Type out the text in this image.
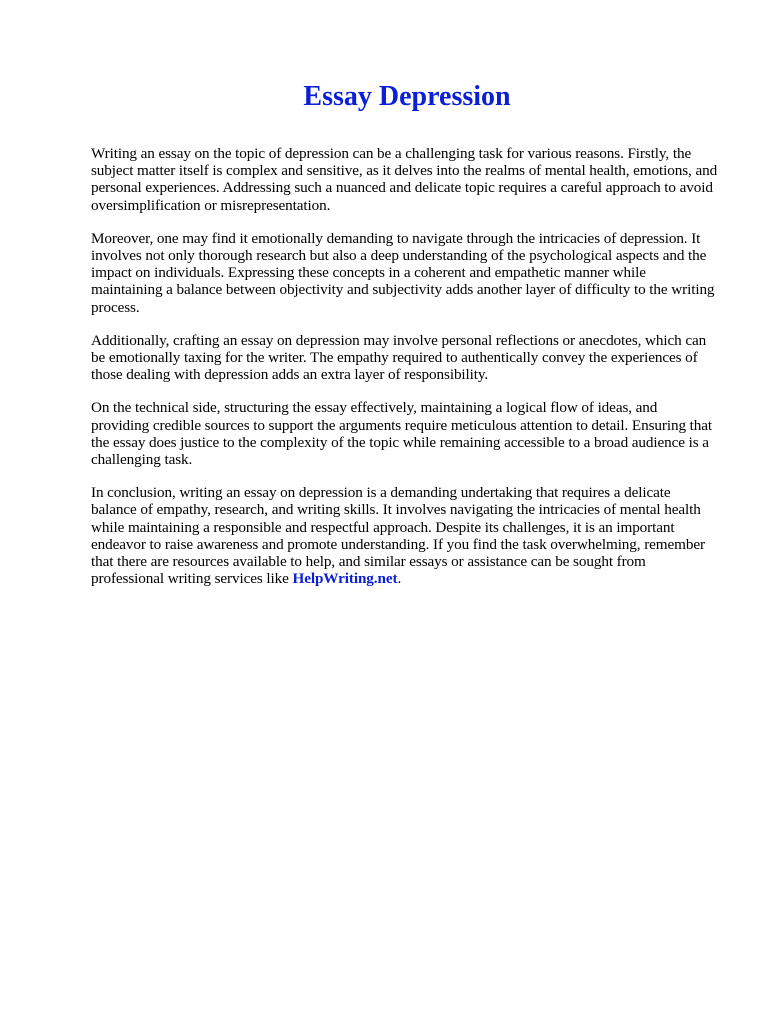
Essay Depression

Writing an essay on the topic of depression can be a challenging task for various reasons. Firstly, the subject matter itself is complex and sensitive, as it delves into the realms of mental health, emotions, and personal experiences. Addressing such a nuanced and delicate topic requires a careful approach to avoid oversimplification or misrepresentation.

Moreover, one may find it emotionally demanding to navigate through the intricacies of depression. It involves not only thorough research but also a deep understanding of the psychological aspects and the impact on individuals. Expressing these concepts in a coherent and empathetic manner while maintaining a balance between objectivity and subjectivity adds another layer of difficulty to the writing process.

Additionally, crafting an essay on depression may involve personal reflections or anecdotes, which can be emotionally taxing for the writer. The empathy required to authentically convey the experiences of those dealing with depression adds an extra layer of responsibility.

On the technical side, structuring the essay effectively, maintaining a logical flow of ideas, and providing credible sources to support the arguments require meticulous attention to detail. Ensuring that the essay does justice to the complexity of the topic while remaining accessible to a broad audience is a challenging task.

In conclusion, writing an essay on depression is a demanding undertaking that requires a delicate balance of empathy, research, and writing skills. It involves navigating the intricacies of mental health while maintaining a responsible and respectful approach. Despite its challenges, it is an important endeavor to raise awareness and promote understanding. If you find the task overwhelming, remember that there are resources available to help, and similar essays or assistance can be sought from professional writing services like HelpWriting.net.
